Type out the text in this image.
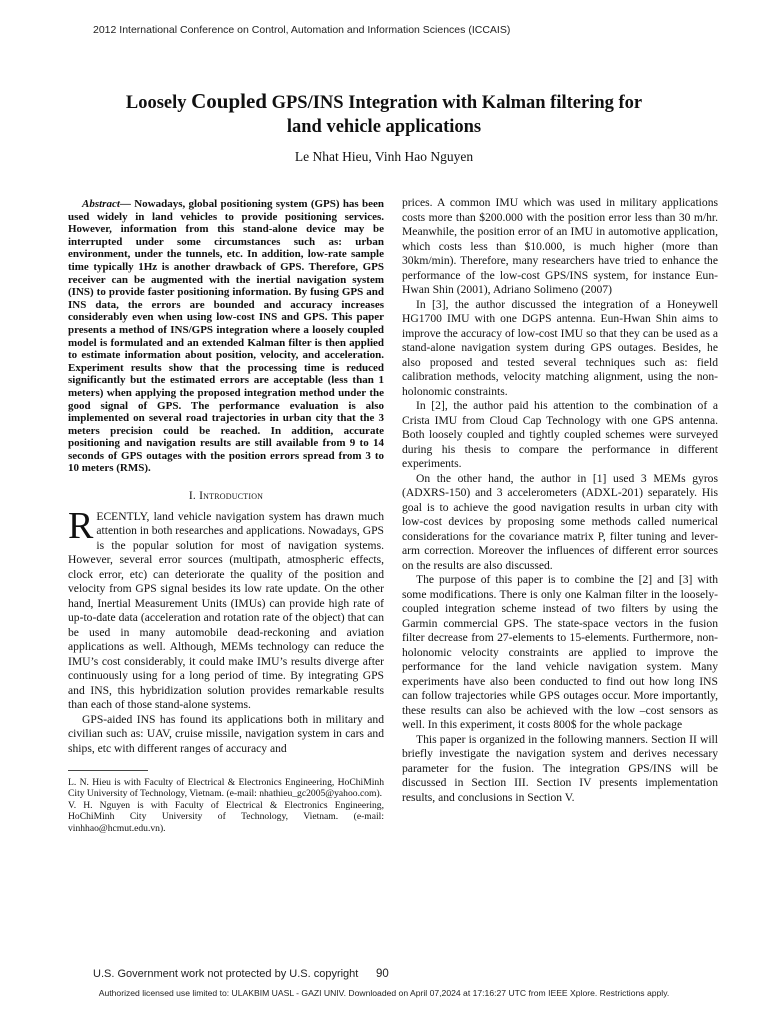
2012 International Conference on Control, Automation and Information Sciences (ICCAIS)
Loosely Coupled GPS/INS Integration with Kalman filtering for
land vehicle applications
Le Nhat Hieu, Vinh Hao Nguyen

Abstract— Nowadays, global positioning system (GPS) has been used widely in land vehicles to provide positioning services. However, information from this stand-alone device may be interrupted under some circumstances such as: urban environment, under the tunnels, etc. In addition, low-rate sample time typically 1Hz is another drawback of GPS. Therefore, GPS receiver can be augmented with the inertial navigation system (INS) to provide faster positioning information. By fusing GPS and INS data, the errors are bounded and accuracy increases considerably even when using low-cost INS and GPS. This paper presents a method of INS/GPS integration where a loosely coupled model is formulated and an extended Kalman filter is then applied to estimate information about position, velocity, and acceleration. Experiment results show that the processing time is reduced significantly but the estimated errors are acceptable (less than 1 meters) when applying the proposed integration method under the good signal of GPS. The performance evaluation is also implemented on several road trajectories in urban city that the 3 meters precision could be reached. In addition, accurate positioning and navigation results are still available from 9 to 14 seconds of GPS outages with the position errors spread from 3 to 10 meters (RMS).

I. Introduction

RECENTLY, land vehicle navigation system has drawn much attention in both researches and applications. Nowadays, GPS is the popular solution for most of navigation systems. However, several error sources (multipath, atmospheric effects, clock error, etc) can deteriorate the quality of the position and velocity from GPS signal besides its low rate update. On the other hand, Inertial Measurement Units (IMUs) can provide high rate of up-to-date data (acceleration and rotation rate of the object) that can be used in many automobile dead-reckoning and aviation applications as well. Although, MEMs technology can reduce the IMU’s cost considerably, it could make IMU’s results diverge after continuously using for a long period of time. By integrating GPS and INS, this hybridization solution provides remarkable results than each of those stand-alone systems.

GPS-aided INS has found its applications both in military and civilian such as: UAV, cruise missile, navigation system in cars and ships, etc with different ranges of accuracy and

L. N. Hieu is with Faculty of Electrical & Electronics Engineering, HoChiMinh City University of Technology, Vietnam. (e-mail: nhathieu_gc2005@yahoo.com).

V. H. Nguyen is with Faculty of Electrical & Electronics Engineering, HoChiMinh City University of Technology, Vietnam. (e-mail: vinhhao@hcmut.edu.vn).

prices. A common IMU which was used in military applications costs more than $200.000 with the position error less than 30 m/hr. Meanwhile, the position error of an IMU in automotive application, which costs less than $10.000, is much higher (more than 30km/min). Therefore, many researchers have tried to enhance the performance of the low-cost GPS/INS system, for instance Eun-Hwan Shin (2001), Adriano Solimeno (2007)

In [3], the author discussed the integration of a Honeywell HG1700 IMU with one DGPS antenna. Eun-Hwan Shin aims to improve the accuracy of low-cost IMU so that they can be used as a stand-alone navigation system during GPS outages. Besides, he also proposed and tested several techniques such as: field calibration methods, velocity matching alignment, using the non-holonomic constraints.

In [2], the author paid his attention to the combination of a Crista IMU from Cloud Cap Technology with one GPS antenna. Both loosely coupled and tightly coupled schemes were surveyed during his thesis to compare the performance in different experiments.

On the other hand, the author in [1] used 3 MEMs gyros (ADXRS-150) and 3 accelerometers (ADXL-201) separately. His goal is to achieve the good navigation results in urban city with low-cost devices by proposing some methods called numerical considerations for the covariance matrix P, filter tuning and lever-arm correction. Moreover the influences of different error sources on the results are also discussed.

The purpose of this paper is to combine the [2] and [3] with some modifications. There is only one Kalman filter in the loosely-coupled integration scheme instead of two filters by using the Garmin commercial GPS. The state-space vectors in the fusion filter decrease from 27-elements to 15-elements. Furthermore, non-holonomic velocity constraints are applied to improve the performance for the land vehicle navigation system. Many experiments have also been conducted to find out how long INS can follow trajectories while GPS outages occur. More importantly, these results can also be achieved with the low –cost sensors as well. In this experiment, it costs 800$ for the whole package

This paper is organized in the following manners. Section II will briefly investigate the navigation system and derives necessary parameter for the fusion. The integration GPS/INS will be discussed in Section III. Section IV presents implementation results, and conclusions in Section V.

U.S. Government work not protected by U.S. copyright 90
Authorized licensed use limited to: ULAKBIM UASL - GAZI UNIV. Downloaded on April 07,2024 at 17:16:27 UTC from IEEE Xplore. Restrictions apply.
